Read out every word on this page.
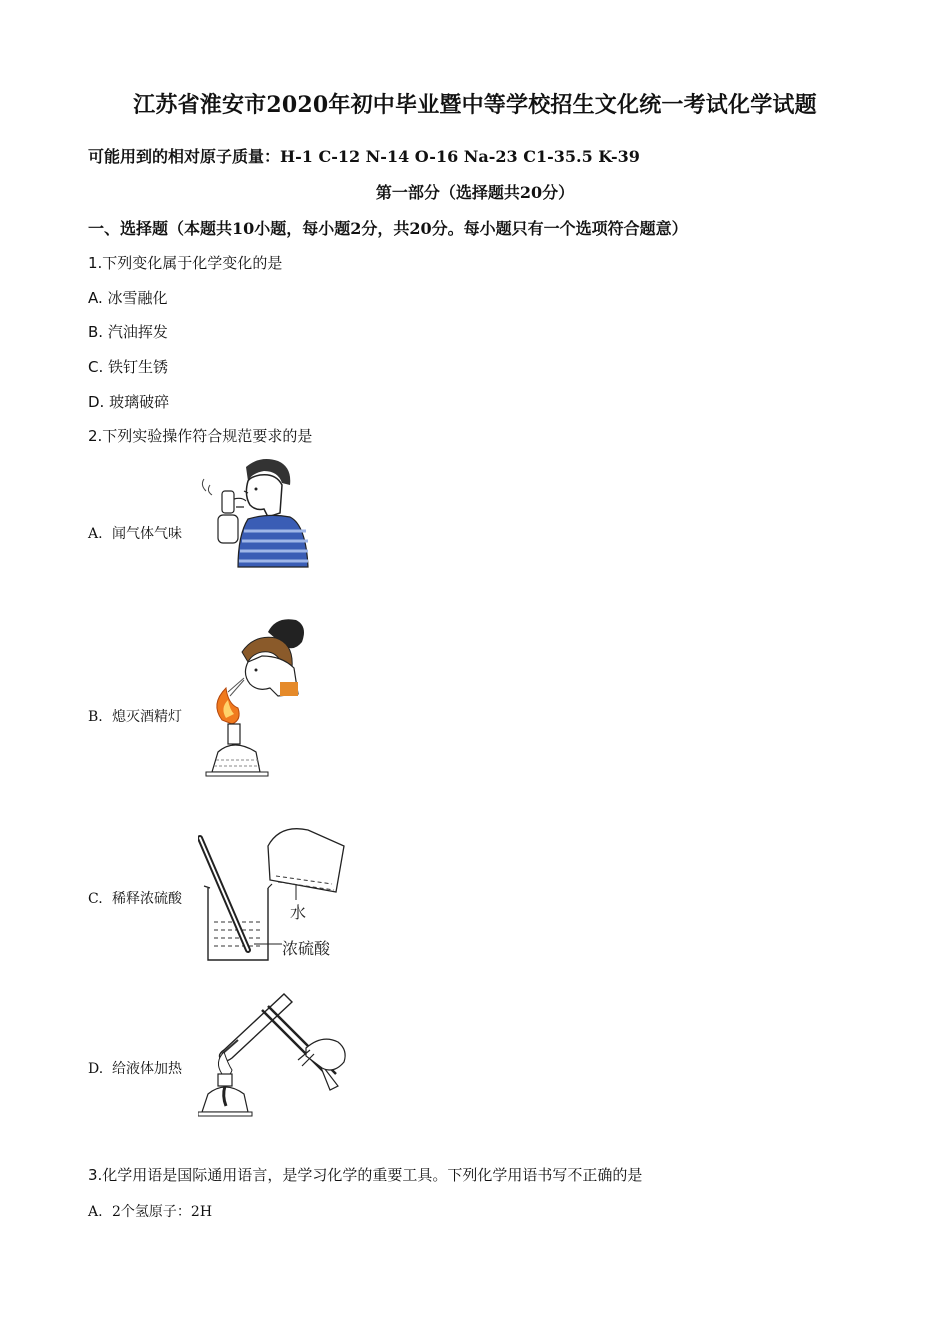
江苏省淮安市2020年初中毕业暨中等学校招生文化统一考试化学试题
可能用到的相对原子质量：H-1 C-12 N-14 O-16 Na-23 C1-35.5 K-39
第一部分（选择题共20分）
一、选择题（本题共10小题，每小题2分，共20分。每小题只有一个选项符合题意）
1.下列变化属于化学变化的是
A. 冰雪融化
B. 汽油挥发
C. 铁钉生锈
D. 玻璃破碎
2.下列实验操作符合规范要求的是
A. 闻气体气味
B. 熄灭酒精灯
C. 稀释浓硫酸
水
浓硫酸
D. 给液体加热
3.化学用语是国际通用语言，是学习化学的重要工具。下列化学用语书写不正确的是
A. 2个氢原子：2H
